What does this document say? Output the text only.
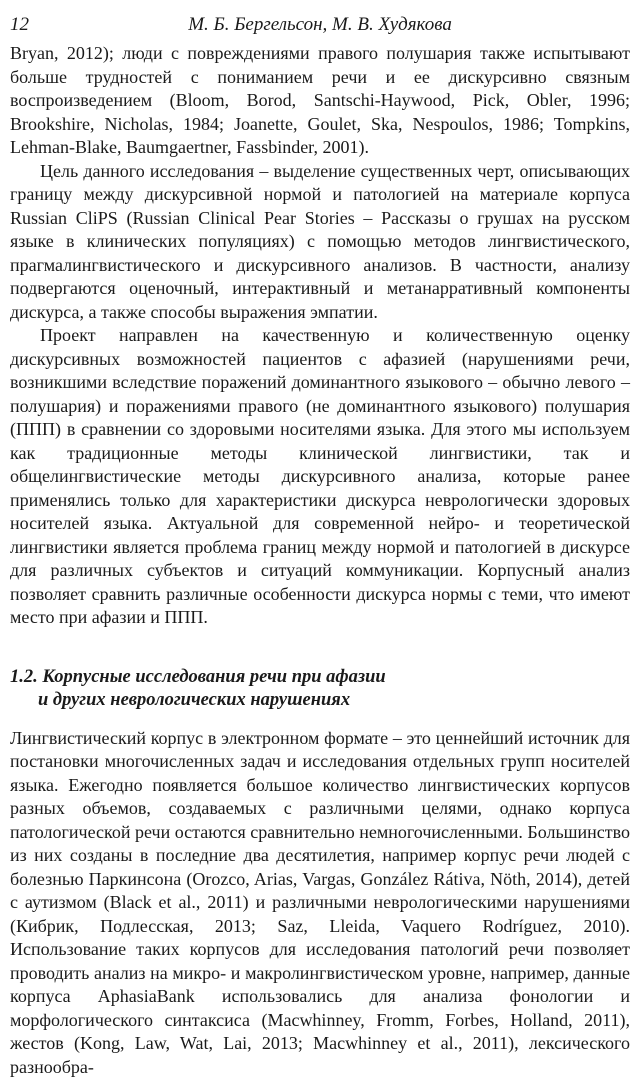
12	М. Б. Бергельсон, М. В. Худякова

Bryan, 2012); люди с повреждениями правого полушария также испытывают больше трудностей с пониманием речи и ее дискурсивно связным воспроизведением (Bloom, Borod, Santschi-Haywood, Pick, Obler, 1996; Brookshire, Nicholas, 1984; Joanette, Goulet, Ska, Nespoulos, 1986; Tompkins, Lehman-Blake, Baumgaertner, Fassbinder, 2001).

Цель данного исследования – выделение существенных черт, описывающих границу между дискурсивной нормой и патологией на материале корпуса Russian CliPS (Russian Clinical Pear Stories – Рассказы о грушах на русском языке в клинических популяциях) с помощью методов лингвистического, прагмалингвистического и дискурсивного анализов. В частности, анализу подвергаются оценочный, интерактивный и метанарративный компоненты дискурса, а также способы выражения эмпатии.

Проект направлен на качественную и количественную оценку дискурсивных возможностей пациентов с афазией (нарушениями речи, возникшими вследствие поражений доминантного языкового – обычно левого – полушария) и поражениями правого (не доминантного языкового) полушария (ППП) в сравнении со здоровыми носителями языка. Для этого мы используем как традиционные методы клинической лингвистики, так и общелингвистические методы дискурсивного анализа, которые ранее применялись только для характеристики дискурса неврологически здоровых носителей языка. Актуальной для современной нейро- и теоретической лингвистики является проблема границ между нормой и патологией в дискурсе для различных субъектов и ситуаций коммуникации. Корпусный анализ позволяет сравнить различные особенности дискурса нормы с теми, что имеют место при афазии и ППП.

1.2. Корпусные исследования речи при афазии
и других неврологических нарушениях

Лингвистический корпус в электронном формате – это ценнейший источник для постановки многочисленных задач и исследования отдельных групп носителей языка. Ежегодно появляется большое количество лингвистических корпусов разных объемов, создаваемых с различными целями, однако корпуса патологической речи остаются сравнительно немногочисленными. Большинство из них созданы в последние два десятилетия, например корпус речи людей с болезнью Паркинсона (Orozco, Arias, Vargas, González Rátiva, Nöth, 2014), детей с аутизмом (Black et al., 2011) и различными неврологическими нарушениями (Кибрик, Подлесская, 2013; Saz, Lleida, Vaquero Rodríguez, 2010). Использование таких корпусов для исследования патологий речи позволяет проводить анализ на микро- и макролингвистическом уровне, например, данные корпуса AphasiaBank использовались для анализа фонологии и морфологического синтаксиса (Macwhinney, Fromm, Forbes, Holland, 2011), жестов (Kong, Law, Wat, Lai, 2013; Macwhinney et al., 2011), лексического разнообра-
